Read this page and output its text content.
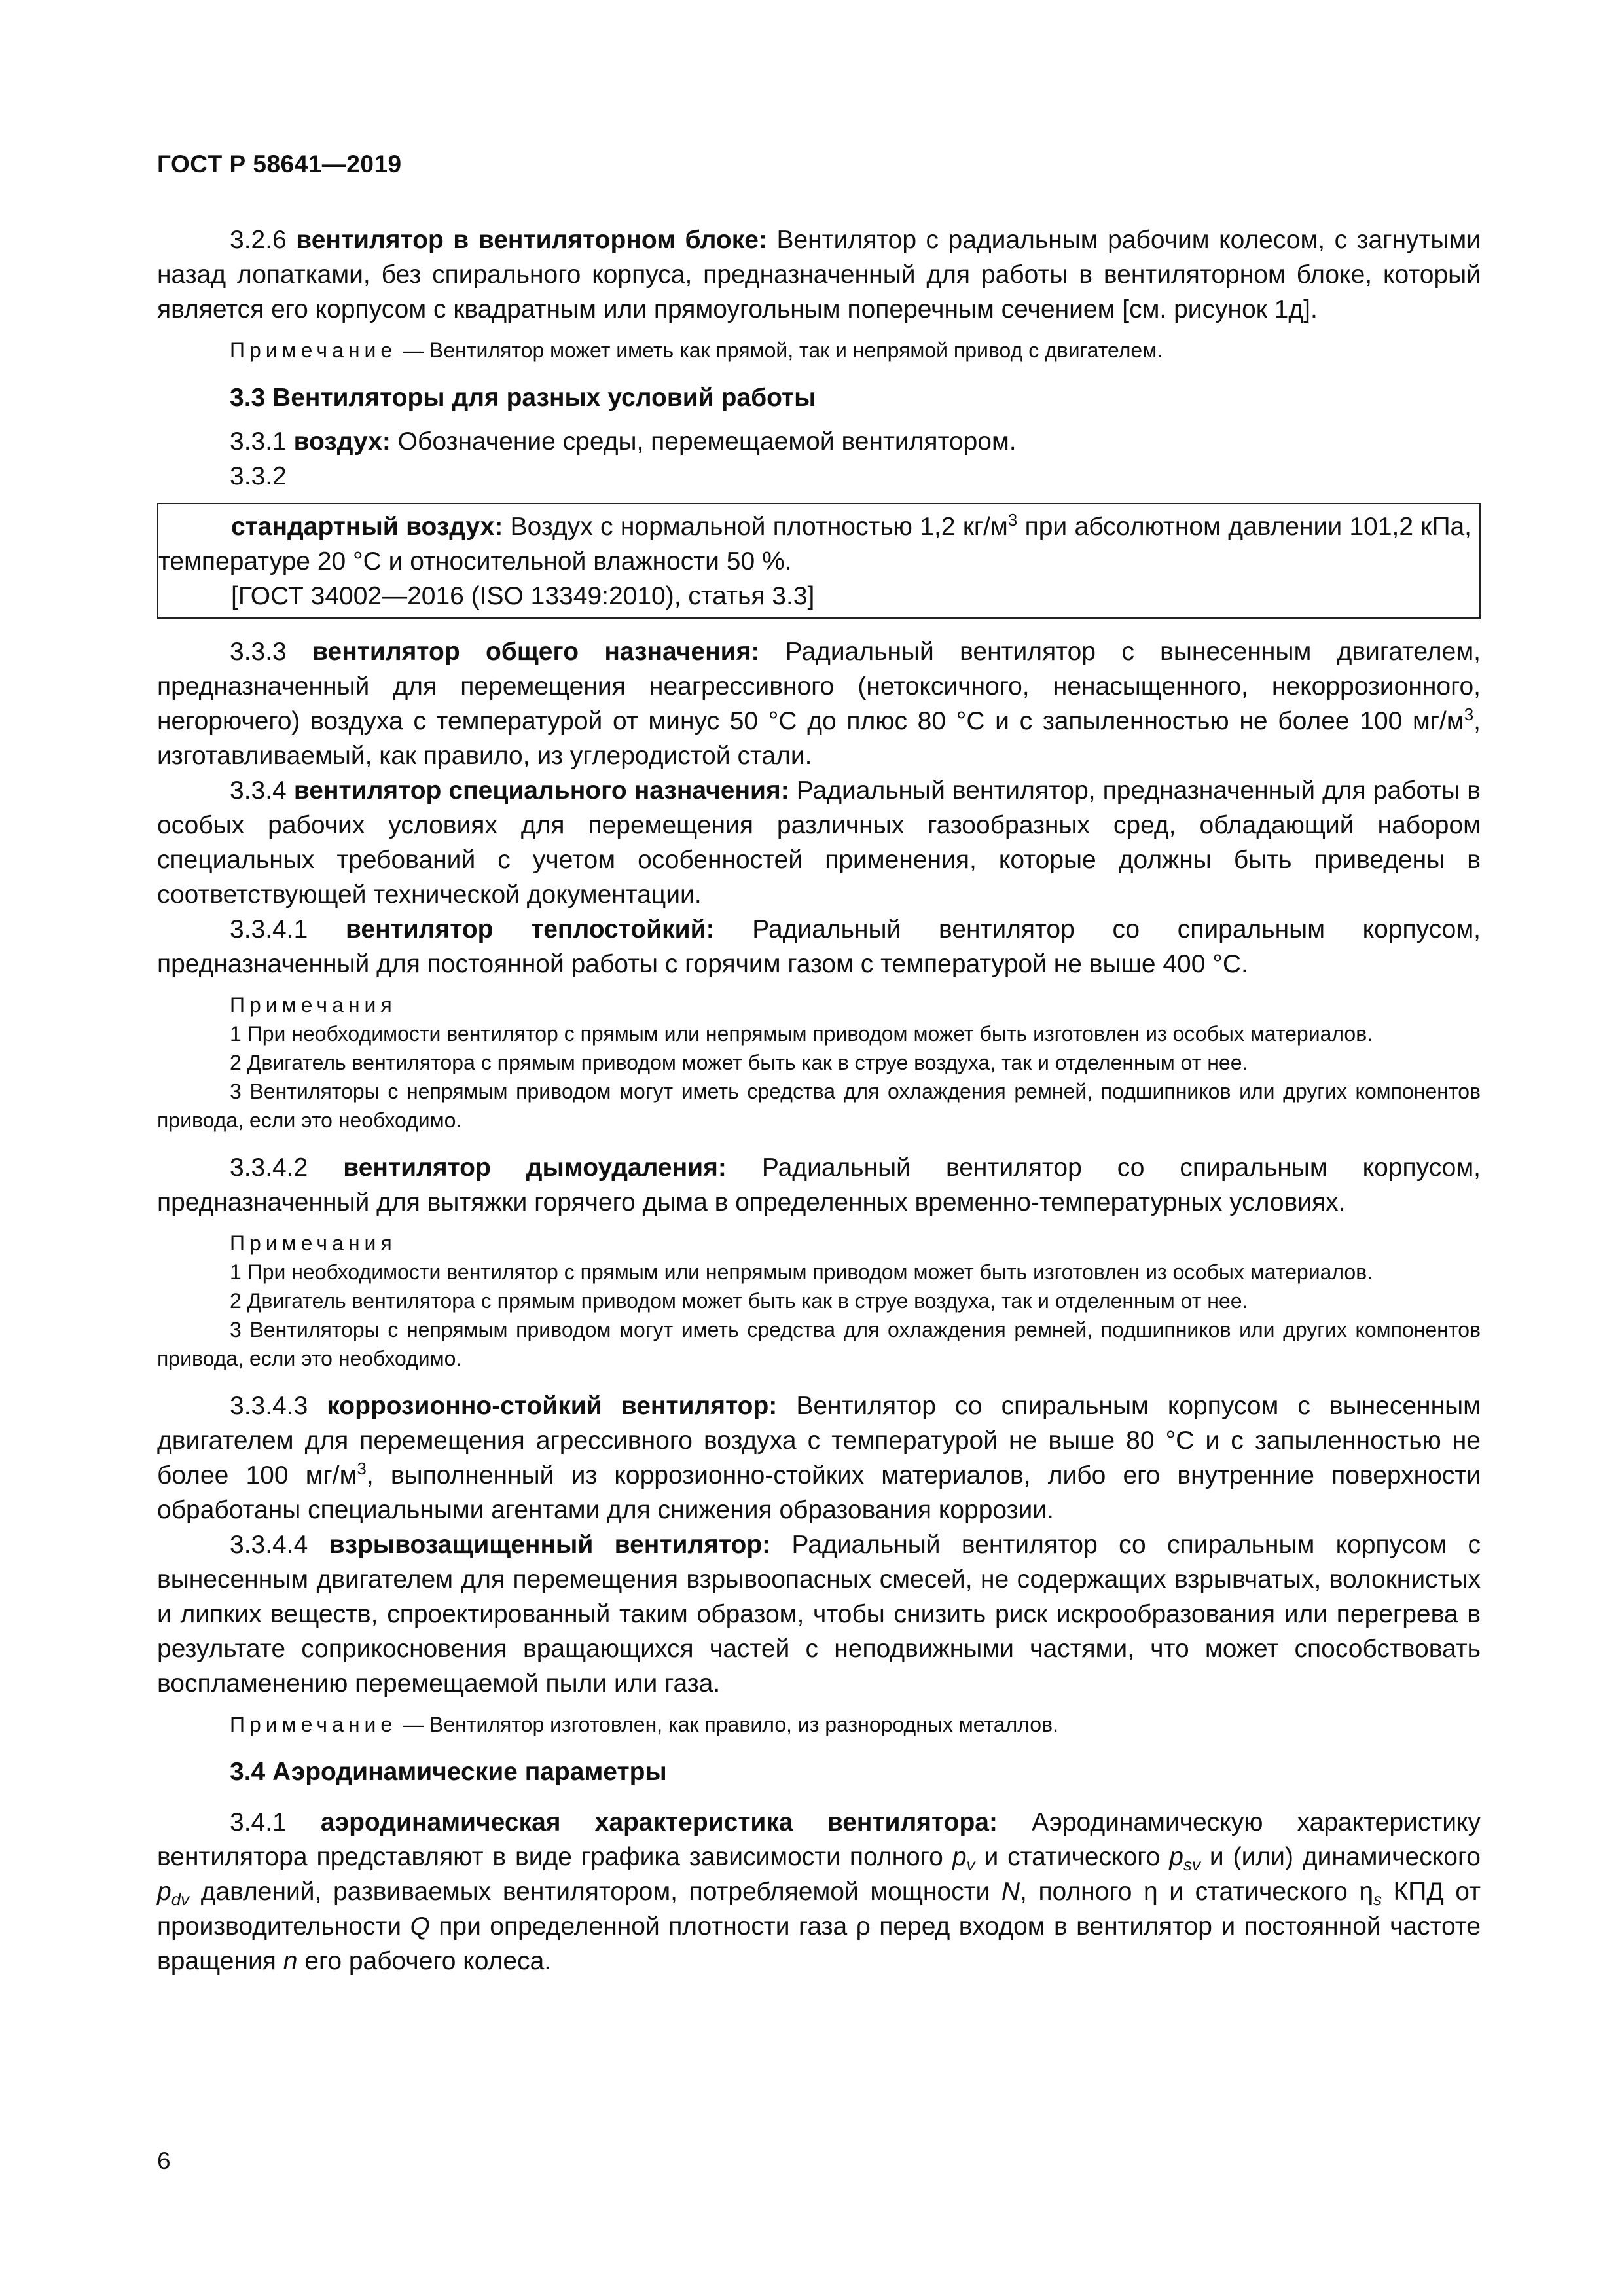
ГОСТ Р 58641—2019

3.2.6 вентилятор в вентиляторном блоке: Вентилятор с радиальным рабочим колесом, с загнутыми назад лопатками, без спирального корпуса, предназначенный для работы в вентиляторном блоке, который является его корпусом с квадратным или прямоугольным поперечным сечением [см. рисунок 1д].

Примечание — Вентилятор может иметь как прямой, так и непрямой привод с двигателем.

3.3 Вентиляторы для разных условий работы

3.3.1 воздух: Обозначение среды, перемещаемой вентилятором.

3.3.2

стандартный воздух: Воздух с нормальной плотностью 1,2 $кг/м^3$ при абсолютном давлении 101,2 кПа, температуре 20 °С и относительной влажности 50 %.

[ГОСТ 34002—2016 (ISO 13349:2010), статья 3.3]

3.3.3 вентилятор общего назначения: Радиальный вентилятор с вынесенным двигателем, предназначенный для перемещения неагрессивного (нетоксичного, ненасыщенного, некоррозионного, негорючего) воздуха с температурой от минус 50 °С до плюс 80 °С и с запыленностью не более 100 $мг/м^3$, изготавливаемый, как правило, из углеродистой стали.

3.3.4 вентилятор специального назначения: Радиальный вентилятор, предназначенный для работы в особых рабочих условиях для перемещения различных газообразных сред, обладающий набором специальных требований с учетом особенностей применения, которые должны быть приведены в соответствующей технической документации.

3.3.4.1 вентилятор теплостойкий: Радиальный вентилятор со спиральным корпусом, предназначенный для постоянной работы с горячим газом с температурой не выше 400 °С.

Примечания

1 При необходимости вентилятор с прямым или непрямым приводом может быть изготовлен из особых материалов.

2 Двигатель вентилятора с прямым приводом может быть как в струе воздуха, так и отделенным от нее.

3 Вентиляторы с непрямым приводом могут иметь средства для охлаждения ремней, подшипников или других компонентов привода, если это необходимо.

3.3.4.2 вентилятор дымоудаления: Радиальный вентилятор со спиральным корпусом, предназначенный для вытяжки горячего дыма в определенных временно-температурных условиях.

Примечания

1 При необходимости вентилятор с прямым или непрямым приводом может быть изготовлен из особых материалов.

2 Двигатель вентилятора с прямым приводом может быть как в струе воздуха, так и отделенным от нее.

3 Вентиляторы с непрямым приводом могут иметь средства для охлаждения ремней, подшипников или других компонентов привода, если это необходимо.

3.3.4.3 коррозионно-стойкий вентилятор: Вентилятор со спиральным корпусом с вынесенным двигателем для перемещения агрессивного воздуха с температурой не выше 80 °С и с запыленностью не более 100 $мг/м^3$, выполненный из коррозионно-стойких материалов, либо его внутренние поверхности обработаны специальными агентами для снижения образования коррозии.

3.3.4.4 взрывозащищенный вентилятор: Радиальный вентилятор со спиральным корпусом с вынесенным двигателем для перемещения взрывоопасных смесей, не содержащих взрывчатых, волокнистых и липких веществ, спроектированный таким образом, чтобы снизить риск искрообразования или перегрева в результате соприкосновения вращающихся частей с неподвижными частями, что может способствовать воспламенению перемещаемой пыли или газа.

Примечание — Вентилятор изготовлен, как правило, из разнородных металлов.

3.4 Аэродинамические параметры

3.4.1 аэродинамическая характеристика вентилятора: Аэродинамическую характеристику вентилятора представляют в виде графика зависимости полного $p_v$ и статического $p_{sv}$ и (или) динамического $p_{dv}$ давлений, развиваемых вентилятором, потребляемой мощности N, полного η и статического $\eta_s$ КПД от производительности Q при определенной плотности газа ρ перед входом в вентилятор и постоянной частоте вращения n его рабочего колеса.

6
